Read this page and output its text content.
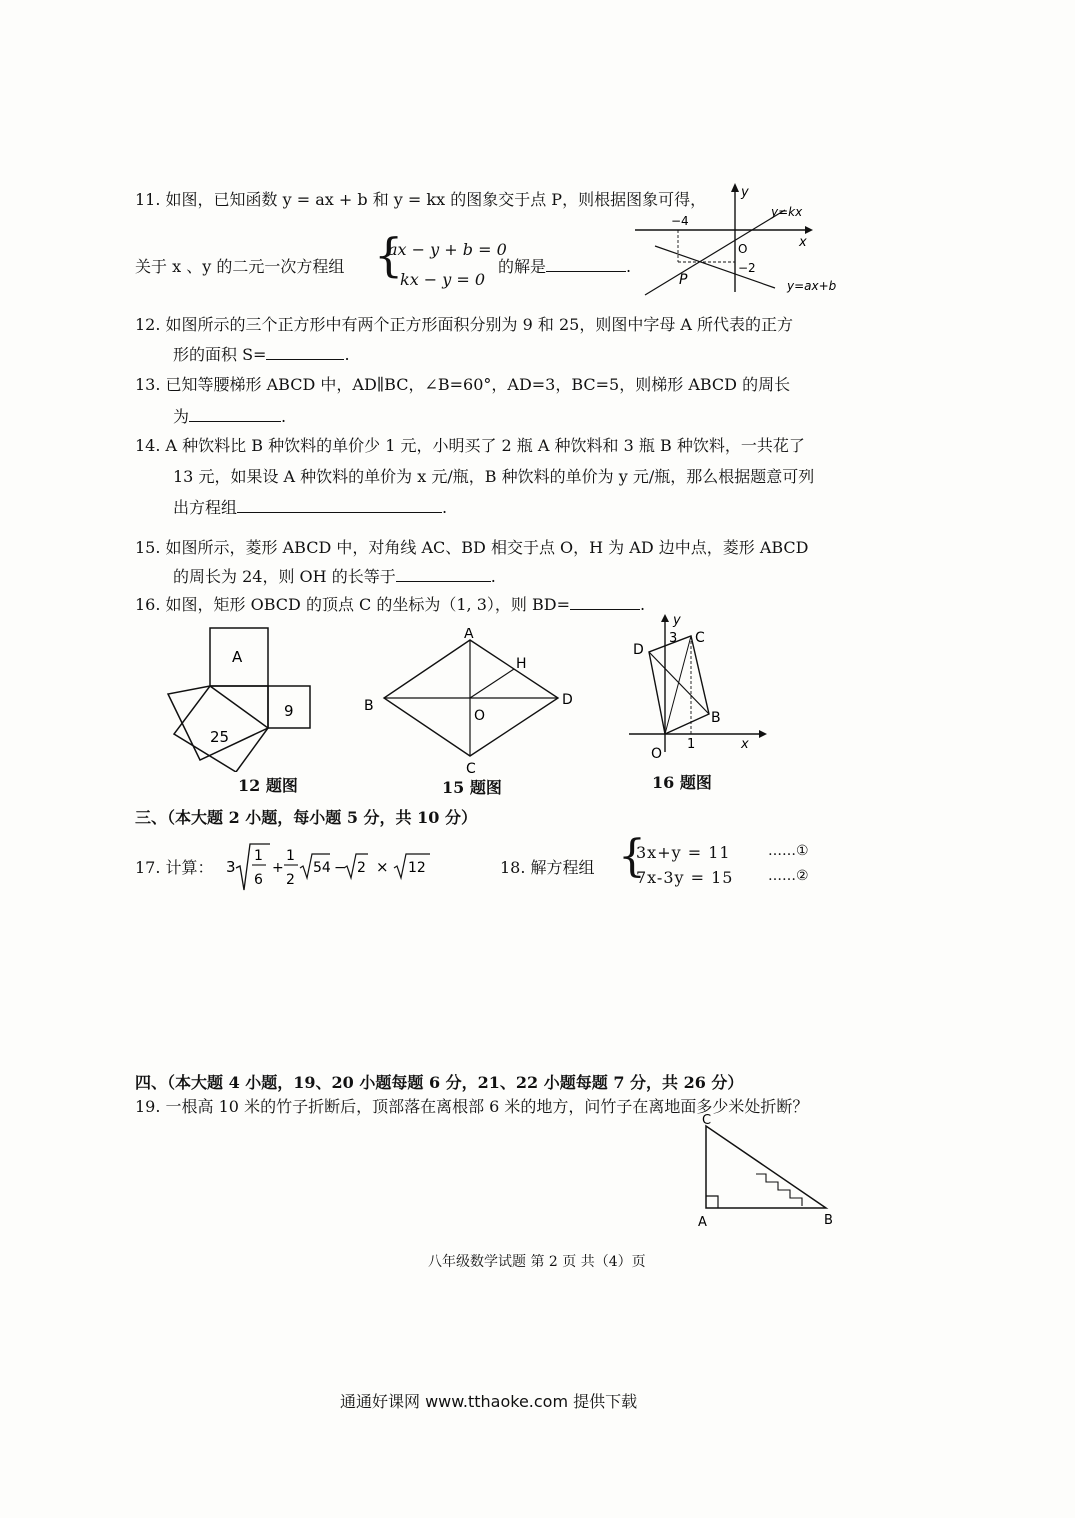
11. 如图，已知函数 y = ax + b 和 y = kx 的图象交于点 P，则根据图象可得，
关于 x 、y 的二元一次方程组 {
ax − y + b = 0
kx − y = 0
的解是	.
−4
O
−2
P
y
x
y=kx
y=ax+b
12. 如图所示的三个正方形中有两个正方形面积分别为 9 和 25，则图中字母 A 所代表的正方
形的面积 S=	.
13. 已知等腰梯形 ABCD 中，AD∥BC，∠B=60°，AD=3，BC=5，则梯形 ABCD 的周长
为	.
14. A 种饮料比 B 种饮料的单价少 1 元，小明买了 2 瓶 A 种饮料和 3 瓶 B 种饮料，一共花了
13 元，如果设 A 种饮料的单价为 x 元/瓶，B 种饮料的单价为 y 元/瓶，那么根据题意可列
出方程组	.
15. 如图所示，菱形 ABCD 中，对角线 AC、BD 相交于点 O，H 为 AD 边中点，菱形 ABCD
的周长为 24，则 OH 的长等于	.
16. 如图，矩形 OBCD 的顶点 C 的坐标为（1, 3），则 BD=	.
A
9
25
12 题图
A
B
C
D
H
O
15 题图
O
B
C
D
3
1
y
x
16 题图
三、（本大题 2 小题，每小题 5 分，共 10 分）
17. 计算： 3
1
6
+
1
2
54 − 2 × 12	18. 解方程组 {
3x+y = 11
7x-3y = 15
……①
……②
四、（本大题 4 小题，19、20 小题每题 6 分，21、22 小题每题 7 分，共 26 分）
19. 一根高 10 米的竹子折断后，顶部落在离根部 6 米的地方，问竹子在离地面多少米处折断？
C
A	B
八年级数学试题 第 2 页 共（4）页
通通好课网 www.tthaoke.com 提供下载
